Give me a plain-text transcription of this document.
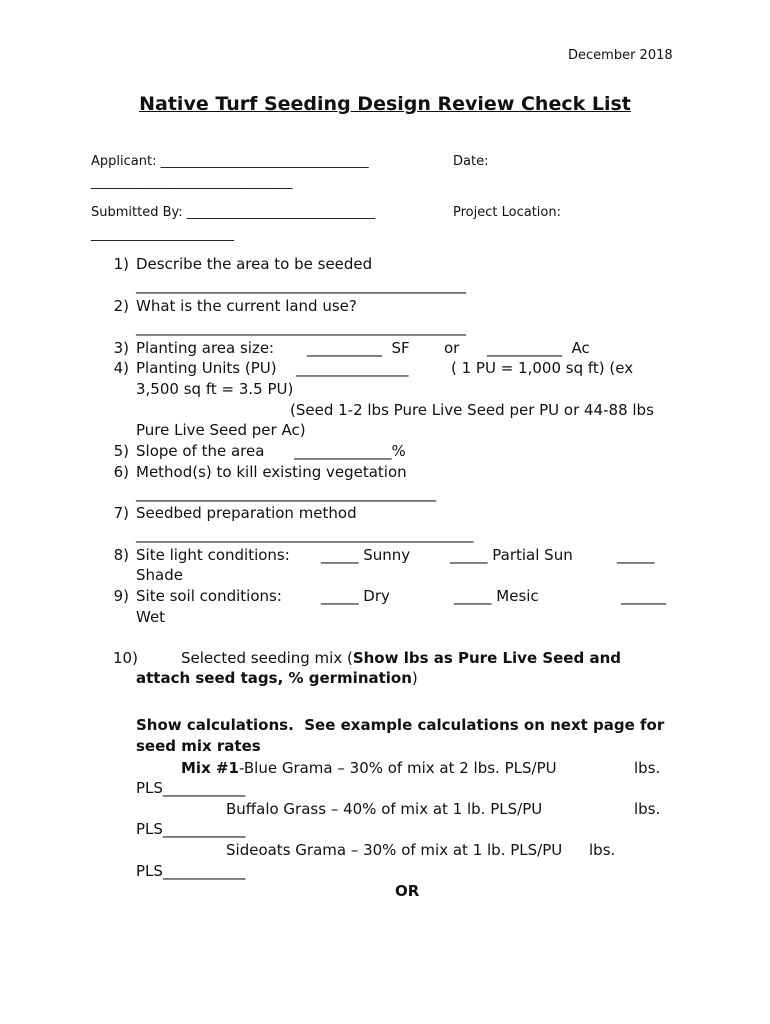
December 2018
Native Turf Seeding Design Review Check List
Applicant: ________________________________	Date:
_______________________________
Submitted By: _____________________________	Project Location:
______________________
1) Describe the area to be seeded
____________________________________________
2) What is the current land use?
____________________________________________
3) Planting area size: __________  SF or __________  Ac
4) Planting Units (PU) _______________	( 1 PU = 1,000 sq ft) (ex
3,500 sq ft = 3.5 PU)
(Seed 1-2 lbs Pure Live Seed per PU or 44-88 lbs
Pure Live Seed per Ac)
5) Slope of the area _____________%
6) Method(s) to kill existing vegetation
________________________________________
7) Seedbed preparation method
_____________________________________________
8) Site light conditions: _____ Sunny	_____ Partial Sun	_____
Shade
9) Site soil conditions:	_____ Dry	_____ Mesic	______
Wet
10)	Selected seeding mix (Show lbs as Pure Live Seed and
attach seed tags, % germination)
Show calculations.  See example calculations on next page for
seed mix rates
Mix #1-Blue Grama – 30% of mix at 2 lbs. PLS/PU	lbs.
PLS___________
Buffalo Grass – 40% of mix at 1 lb. PLS/PU	lbs.
PLS___________
Sideoats Grama – 30% of mix at 1 lb. PLS/PU lbs.
PLS___________
OR
